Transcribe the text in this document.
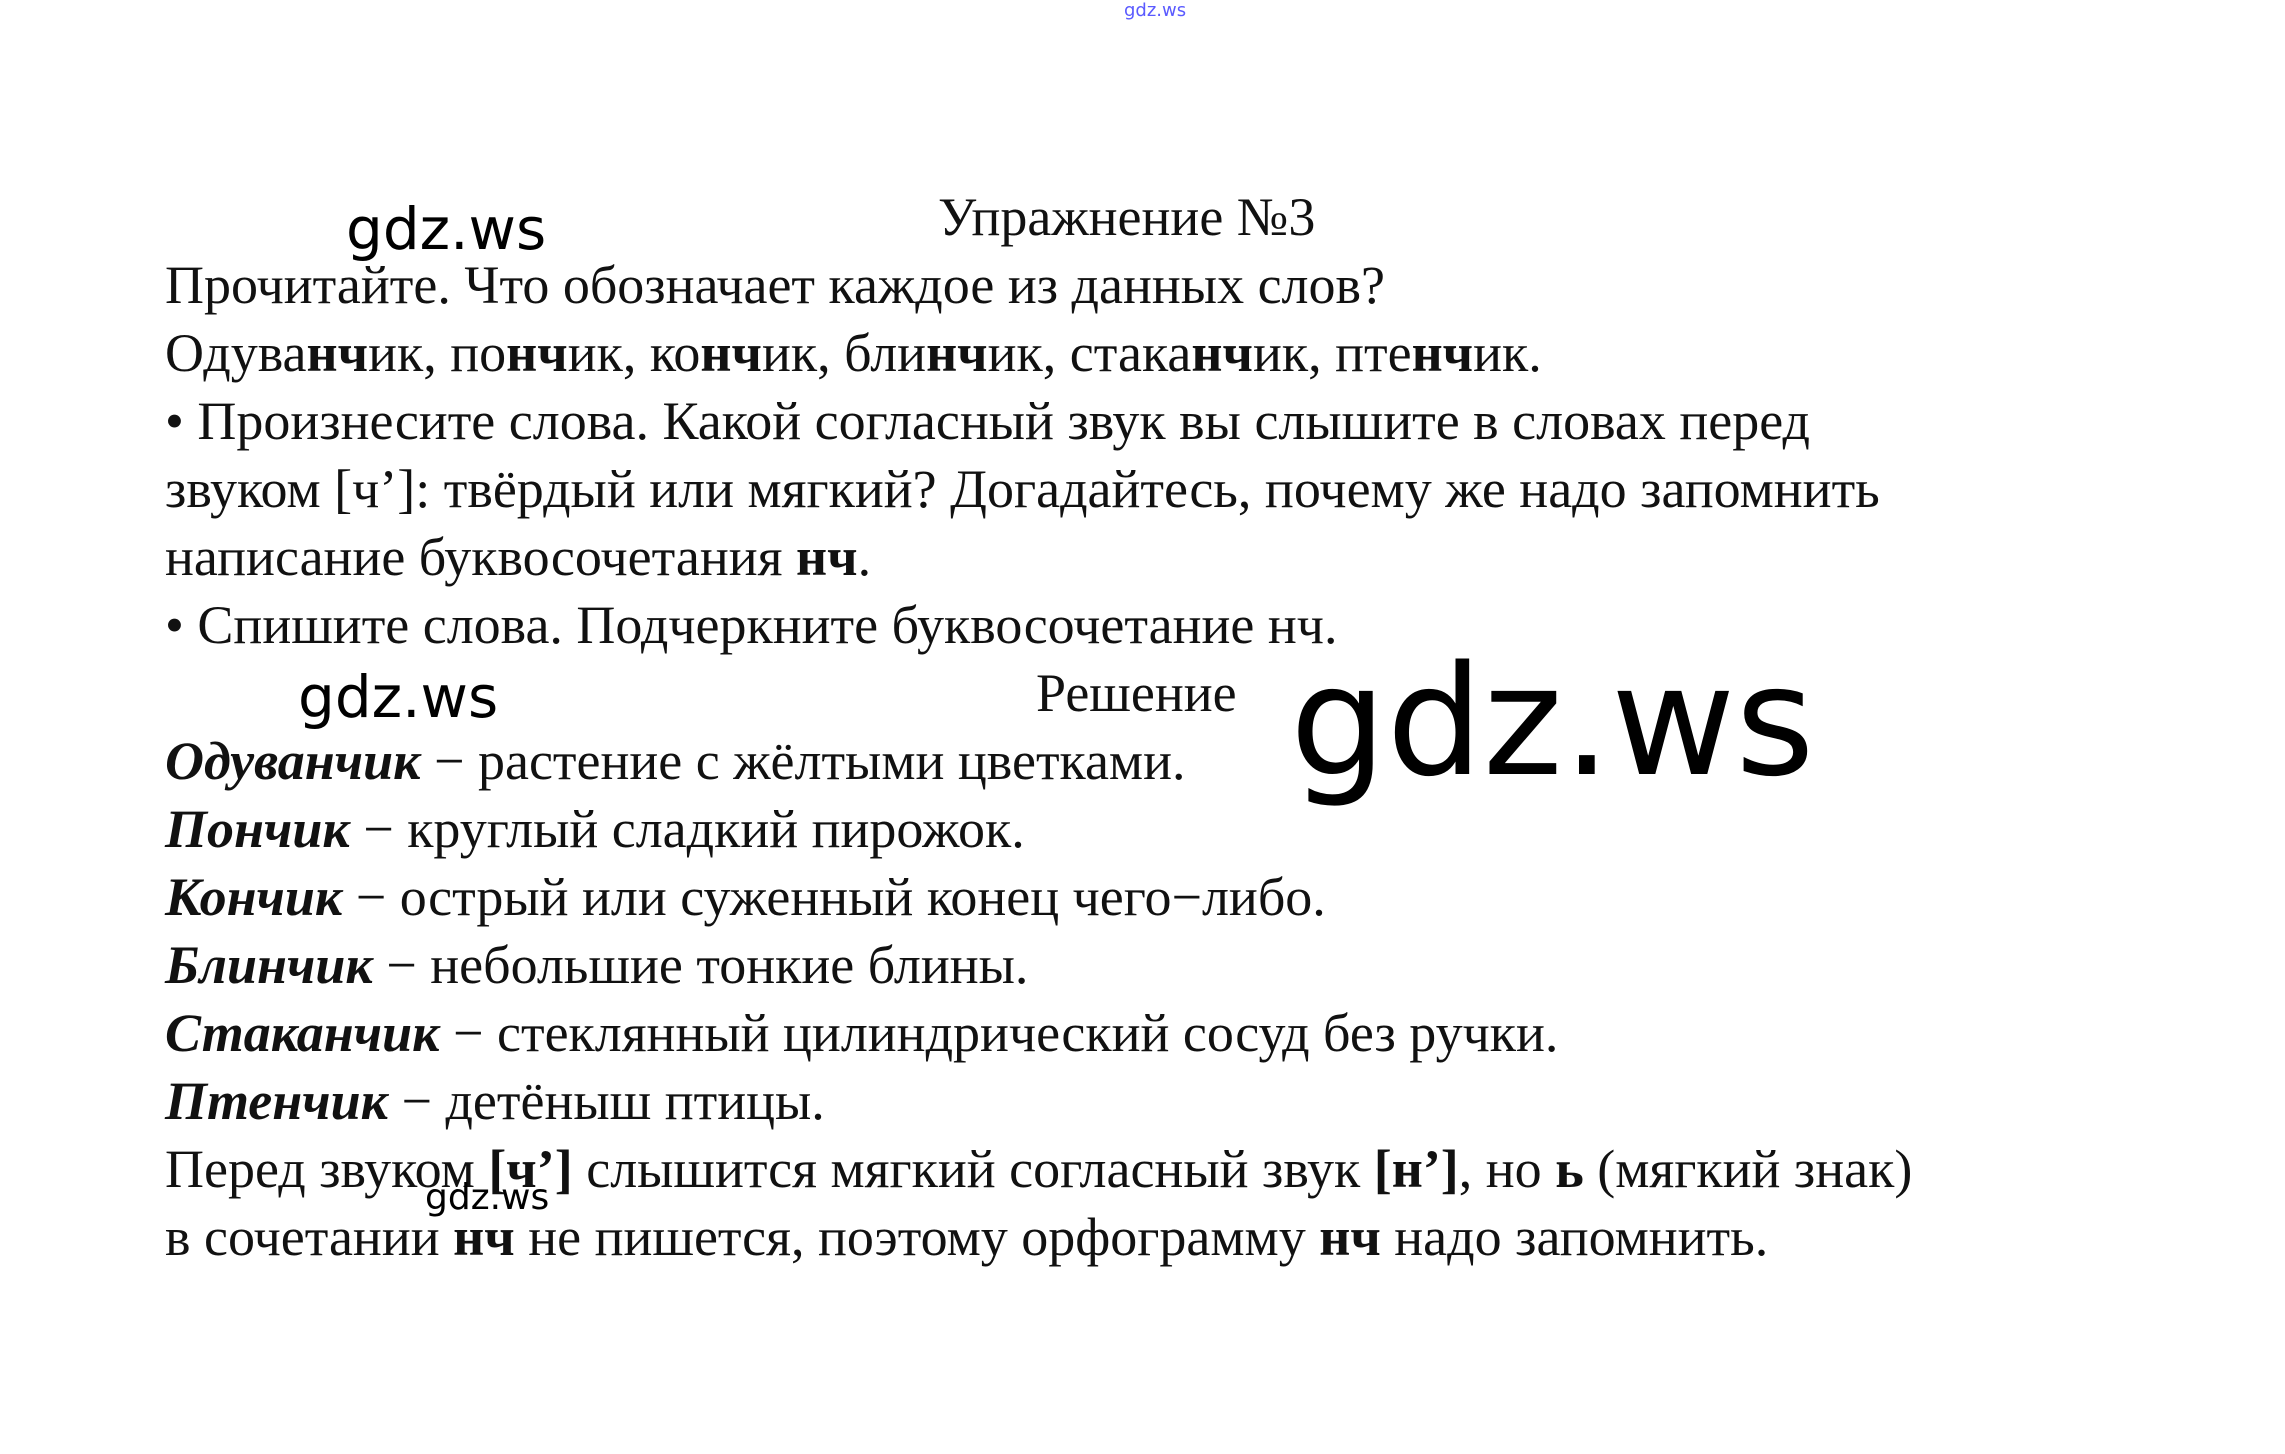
gdz.ws
gdz.ws	Упражнение №3
Прочитайте. Что обозначает каждое из данных слов?
Одуванчик, пончик, кончик, блинчик, стаканчик, птенчик.
• Произнесите слова. Какой согласный звук вы слышите в словах перед
звуком [ч’]: твёрдый или мягкий? Догадайтесь, почему же надо запомнить
написание буквосочетания нч.
• Спишите слова. Подчеркните буквосочетание нч.
Решение
gdz.ws
Одуванчик − растение с жёлтыми цветками.
Пончик − круглый сладкий пирожок.
Кончик − острый или суженный конец чего−либо.
Блинчик − небольшие тонкие блины.
Стаканчик − стеклянный цилиндрический сосуд без ручки.
Птенчик − детёныш птицы.
Перед звуком [ч’] слышится мягкий согласный звук [н’], но ь (мягкий знак)
в сочетании нч не пишется, поэтому орфограмму нч надо запомнить.
gdz.ws
gdz.ws
